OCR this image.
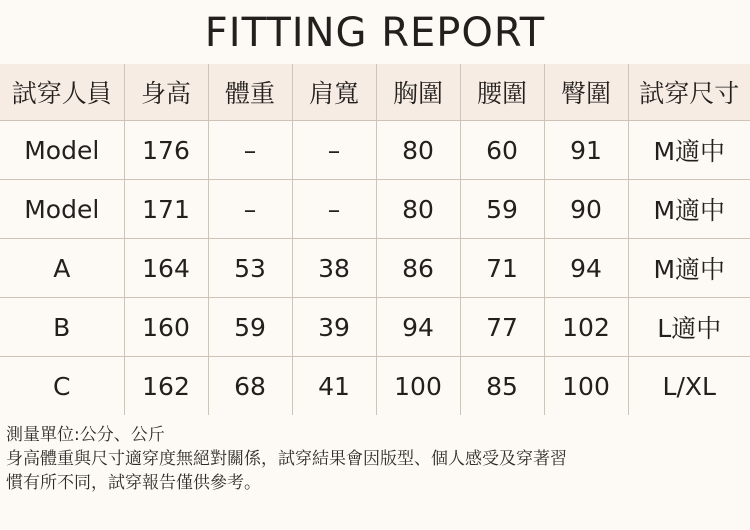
FITTING REPORT
試穿人員	身高	體重	肩寬	胸圍	腰圍	臀圍	試穿尺寸
Model	176	–	–	80	60	91	M適中
Model	171	–	–	80	59	90	M適中
A	164	53	38	86	71	94	M適中
B	160	59	39	94	77	102	L適中
C	162	68	41	100	85	100	L/XL
測量單位:公分、公斤
身高體重與尺寸適穿度無絕對關係，試穿結果會因版型、個人感受及穿著習
慣有所不同，試穿報告僅供參考。
